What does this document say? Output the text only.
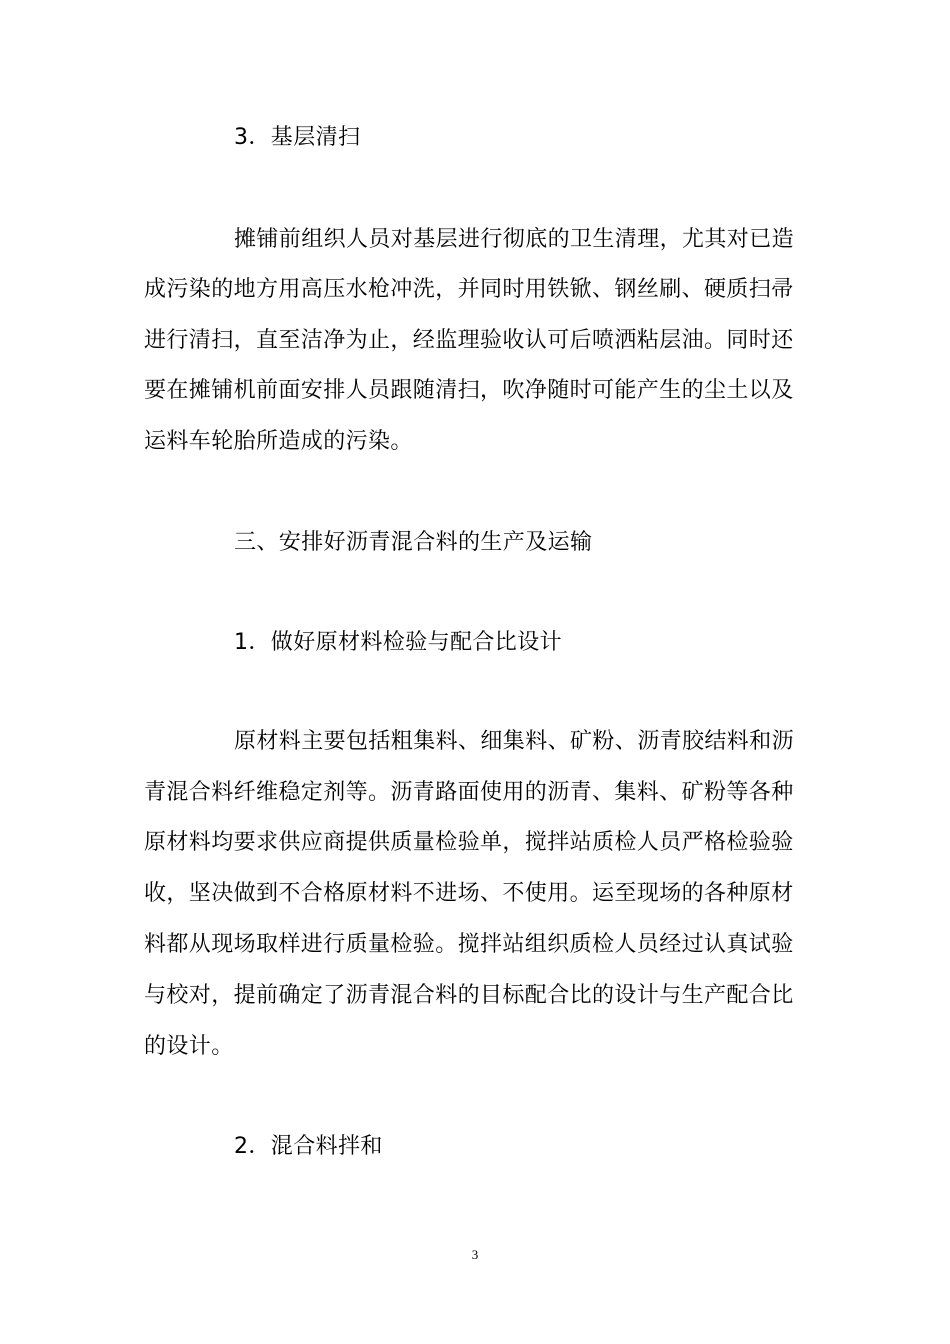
3．基层清扫
摊铺前组织人员对基层进行彻底的卫生清理，尤其对已造
成污染的地方用高压水枪冲洗，并同时用铁锨、钢丝刷、硬质扫帚
进行清扫，直至洁净为止，经监理验收认可后喷洒粘层油。同时还
要在摊铺机前面安排人员跟随清扫，吹净随时可能产生的尘土以及
运料车轮胎所造成的污染。
三、安排好沥青混合料的生产及运输
1．做好原材料检验与配合比设计
原材料主要包括粗集料、细集料、矿粉、沥青胶结料和沥
青混合料纤维稳定剂等。沥青路面使用的沥青、集料、矿粉等各种
原材料均要求供应商提供质量检验单，搅拌站质检人员严格检验验
收，坚决做到不合格原材料不进场、不使用。运至现场的各种原材
料都从现场取样进行质量检验。搅拌站组织质检人员经过认真试验
与校对，提前确定了沥青混合料的目标配合比的设计与生产配合比
的设计。
2．混合料拌和
3
